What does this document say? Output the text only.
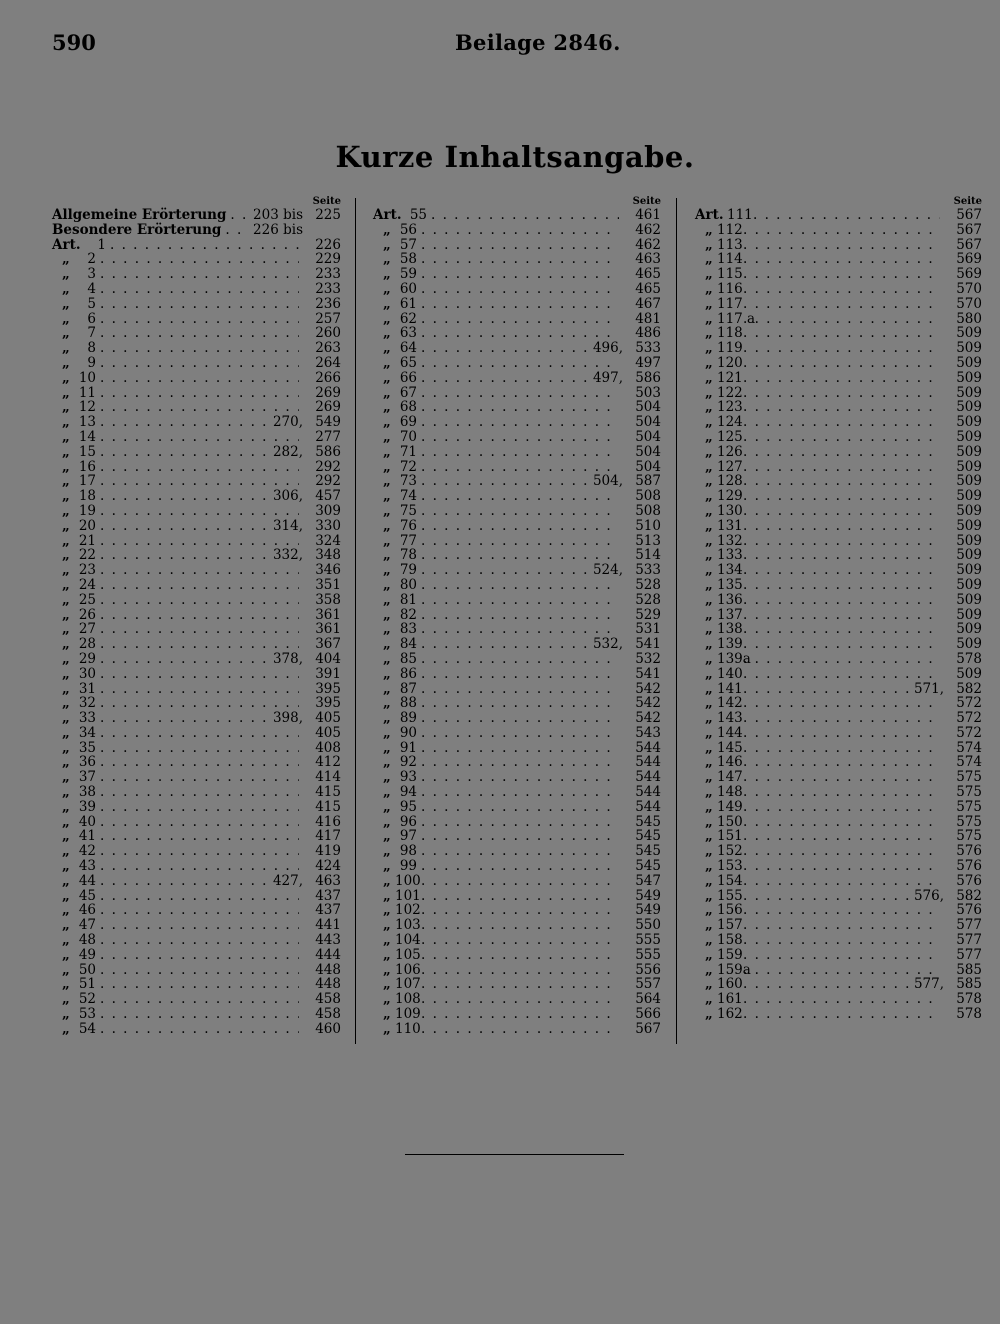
590	Beilage 2846.
Kurze Inhaltsangabe.
Seite
Allgemeine Erörterung . . . 203 bis 225
Besondere Erörterung . . . 226 bis
Art.	1 . . .	226
„	2 . . .	229
„	3 . . .	233
„	4 . . .	233
„	5 . . .	236
„	6 . . .	257
„	7 . . .	260
„	8 . . .	263
„	9 . . .	264
„ 10 . . .	266
„ 11 . . .	269
„ 12 . . .	269
„ 13 . . .	270, 549
„ 14 . . .	277
„ 15 . . .	282, 586
„ 16 . . .	292
„ 17 . . .	292
„ 18 . . .	306, 457
„ 19 . . .	309
„ 20 . . .	314, 330
„ 21 . . .	324
„ 22 . . .	332, 348
„ 23 . . .	346
„ 24 . . .	351
„ 25 . . .	358
„ 26 . . .	361
„ 27 . . .	361
„ 28 . . .	367
„ 29 . . .	378, 404
„ 30 . . .	391
„ 31 . . .	395
„ 32 . . .	395
„ 33 . . .	398, 405
„ 34 . . .	405
„ 35 . . .	408
„ 36 . . .	412
„ 37 . . .	414
„ 38 . . .	415
„ 39 . . .	415
„ 40 . . .	416
„ 41 . . .	417
„ 42 . . .	419
„ 43 . . .	424
„ 44 . . .	427, 463
„ 45 . . .	437
„ 46 . . .	437
„ 47 . . .	441
„ 48 . . .	443
„ 49 . . .	444
„ 50 . . .	448
„ 51 . . .	448
„ 52 . . .	458
„ 53 . . .	458
„ 54 . . .	460
Seite
Art. 55 . . .	461
„ 56 . . .	462
„ 57 . . .	462
„ 58 . . .	463
„ 59 . . .	465
„ 60 . . .	465
„ 61 . . .	467
„ 62 . . .	481
„ 63 . . .	486
„ 64 . . .	496, 533
„ 65 . . .	497
„ 66 . . .	497, 586
„ 67 . . .	503
„ 68 . . .	504
„ 69 . . .	504
„ 70 . . .	504
„ 71 . . .	504
„ 72 . . .	504
„ 73 . . .	504, 587
„ 74 . . .	508
„ 75 . . .	508
„ 76 . . .	510
„ 77 . . .	513
„ 78 . . .	514
„ 79 . . .	524, 533
„ 80 . . .	528
„ 81 . . .	528
„ 82 . . .	529
„ 83 . . .	531
„ 84 . . .	532, 541
„ 85 . . .	532
„ 86 . . .	541
„ 87 . . .	542
„ 88 . . .	542
„ 89 . . .	542
„ 90 . . .	543
„ 91 . . .	544
„ 92 . . .	544
„ 93 . . .	544
„ 94 . . .	544
„ 95 . . .	544
„ 96 . . .	545
„ 97 . . .	545
„ 98 . . .	545
„ 99 . . .	545
„ 100 . . .	547
„ 101 . . .	549
„ 102 . . .	549
„ 103 . . .	550
„ 104 . . .	555
„ 105 . . .	555
„ 106 . . .	556
„ 107 . . .	557
„ 108 . . .	564
„ 109 . . .	566
„ 110 . . .	567
Seite
Art. 111 . . .	567
„ 112 . . .	567
„ 113 . . .	567
„ 114 . . .	569
„ 115 . . .	569
„ 116 . . .	570
„ 117 . . .	570
„ 117 a . . .	580
„ 118 . . .	509
„ 119 . . .	509
„ 120 . . .	509
„ 121 . . .	509
„ 122 . . .	509
„ 123 . . .	509
„ 124 . . .	509
„ 125 . . .	509
„ 126 . . .	509
„ 127 . . .	509
„ 128 . . .	509
„ 129 . . .	509
„ 130 . . .	509
„ 131 . . .	509
„ 132 . . .	509
„ 133 . . .	509
„ 134 . . .	509
„ 135 . . .	509
„ 136 . . .	509
„ 137 . . .	509
„ 138 . . .	509
„ 139 . . .	509
„ 139a . . .	578
„ 140 . . .	509
„ 141 . . .	571, 582
„ 142 . . .	572
„ 143 . . .	572
„ 144 . . .	572
„ 145 . . .	574
„ 146 . . .	574
„ 147 . . .	575
„ 148 . . .	575
„ 149 . . .	575
„ 150 . . .	575
„ 151 . . .	575
„ 152 . . .	576
„ 153 . . .	576
„ 154 . . .	576
„ 155 . . .	576, 582
„ 156 . . .	576
„ 157 . . .	577
„ 158 . . .	577
„ 159 . . .	577
„ 159a . . .	585
„ 160 . . .	577, 585
„ 161 . . .	578
„ 162 . . .	578
